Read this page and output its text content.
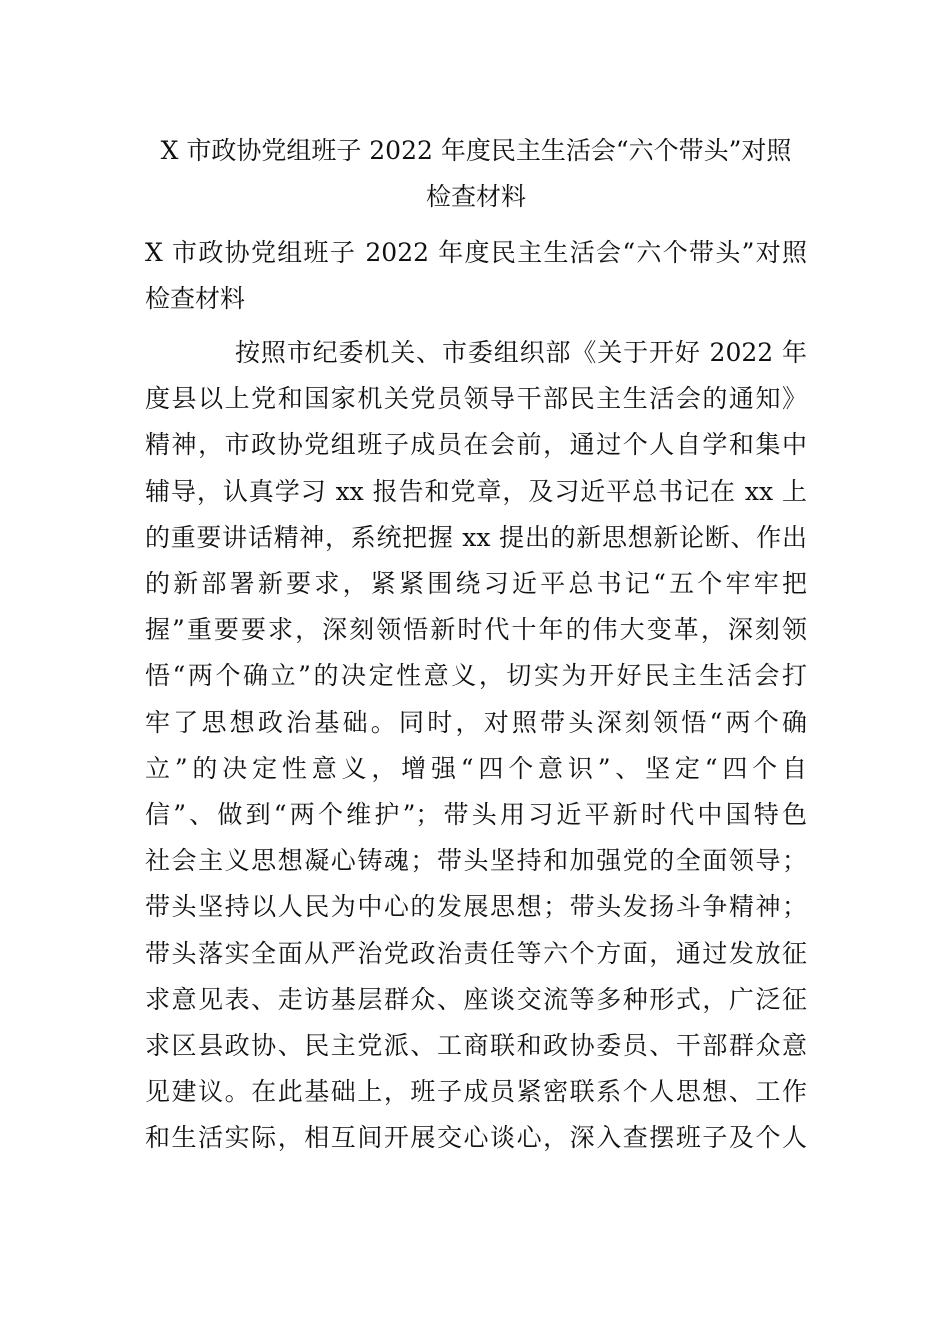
X 市政协党组班子 2022 年度民主生活会“六个带头”对照
检查材料
X 市政协党组班子 2022 年度民主生活会“六个带头”对照
检查材料
按照市纪委机关、市委组织部《关于开好 2022 年
度县以上党和国家机关党员领导干部民主生活会的通知》
精神，市政协党组班子成员在会前，通过个人自学和集中
辅导，认真学习 xx 报告和党章，及习近平总书记在 xx 上
的重要讲话精神，系统把握 xx 提出的新思想新论断、作出
的新部署新要求，紧紧围绕习近平总书记“五个牢牢把
握”重要要求，深刻领悟新时代十年的伟大变革，深刻领
悟“两个确立”的决定性意义，切实为开好民主生活会打
牢了思想政治基础。同时，对照带头深刻领悟“两个确
立”的决定性意义，增强“四个意识”、坚定“四个自
信”、做到“两个维护”；带头用习近平新时代中国特色
社会主义思想凝心铸魂；带头坚持和加强党的全面领导；
带头坚持以人民为中心的发展思想；带头发扬斗争精神；
带头落实全面从严治党政治责任等六个方面，通过发放征
求意见表、走访基层群众、座谈交流等多种形式，广泛征
求区县政协、民主党派、工商联和政协委员、干部群众意
见建议。在此基础上，班子成员紧密联系个人思想、工作
和生活实际，相互间开展交心谈心，深入查摆班子及个人
